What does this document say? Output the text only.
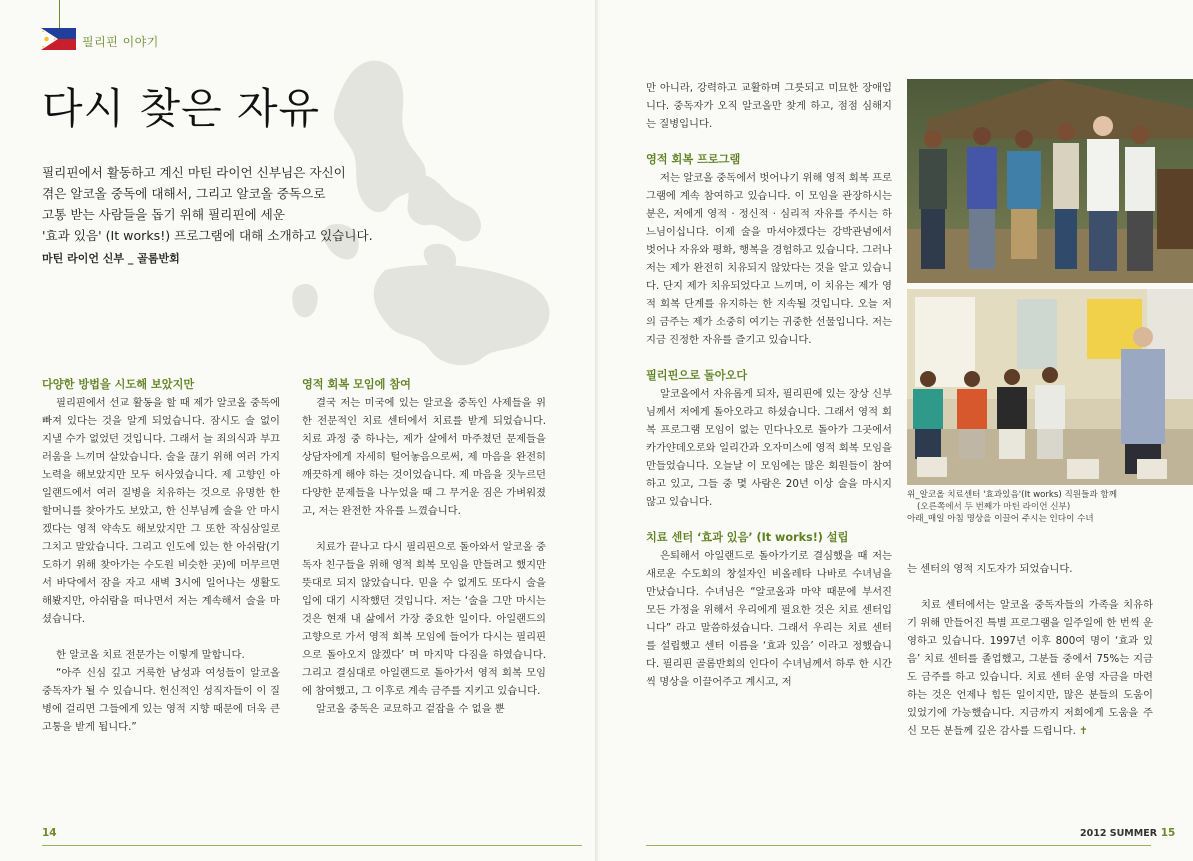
필리핀 이야기
다시 찾은 자유
필리핀에서 활동하고 계신 마틴 라이언 신부님은 자신이
겪은 알코올 중독에 대해서, 그리고 알코올 중독으로
고통 받는 사람들을 돕기 위해 필리핀에 세운
'효과 있음' (It works!) 프로그램에 대해 소개하고 있습니다.
마틴 라이언 신부 _ 골롬반회
다양한 방법을 시도해 보았지만

필리핀에서 선교 활동을 할 때 제가 알코올 중독에 빠져 있다는 것을 알게 되었습니다. 잠시도 술 없이 지낼 수가 없었던 것입니다. 그래서 늘 죄의식과 부끄러움을 느끼며 살았습니다. 술을 끊기 위해 여러 가지 노력을 해보았지만 모두 허사였습니다. 제 고향인 아일랜드에서 여러 질병을 치유하는 것으로 유명한 한 할머니를 찾아가도 보았고, 한 신부님께 술을 안 마시겠다는 영적 약속도 해보았지만 그 또한 작심삼일로 그치고 말았습니다. 그리고 인도에 있는 한 아쉬람(기도하기 위해 찾아가는 수도원 비슷한 곳)에 머무르면서 바닥에서 잠을 자고 새벽 3시에 일어나는 생활도 해봤지만, 아쉬람을 떠나면서 저는 계속해서 술을 마셨습니다.

한 알코올 치료 전문가는 이렇게 말합니다.

“아주 신심 깊고 거룩한 남성과 여성들이 알코올 중독자가 될 수 있습니다. 헌신적인 성직자들이 이 질병에 걸리면 그들에게 있는 영적 지향 때문에 더욱 큰 고통을 받게 됩니다.”

영적 회복 모임에 참여

결국 저는 미국에 있는 알코올 중독인 사제들을 위한 전문적인 치료 센터에서 치료를 받게 되었습니다. 치료 과정 중 하나는, 제가 살에서 마주쳤던 문제들을 상담자에게 자세히 털어놓음으로써, 제 마음을 완전히 깨끗하게 해야 하는 것이었습니다. 제 마음을 짓누르던 다양한 문제들을 나누었을 때 그 무거운 짐은 가벼워졌고, 저는 완전한 자유를 느꼈습니다.

치료가 끝나고 다시 필리핀으로 돌아와서 알코올 중독자 친구들을 위해 영적 회복 모임을 만들려고 했지만 뜻대로 되지 않았습니다. 믿을 수 없게도 또다시 술을 입에 대기 시작했던 것입니다. 저는 ‘술을 그만 마시는 것은 현재 내 삶에서 가장 중요한 일이다. 아일랜드의 고향으로 가서 영적 회복 모임에 들어가 다시는 필리핀으로 돌아오지 않겠다’ 며 마지막 다짐을 하였습니다. 그리고 결심대로 아일랜드로 돌아가서 영적 회복 모임에 참여했고, 그 이후로 계속 금주를 지키고 있습니다.

알코올 중독은 교묘하고 겉잡을 수 없을 뿐

만 아니라, 강력하고 교활하며 그릇되고 미묘한 장애입니다. 중독자가 오직 알코올만 찾게 하고, 점점 심해지는 질병입니다.

영적 회복 프로그램

저는 알코올 중독에서 벗어나기 위해 영적 회복 프로그램에 계속 참여하고 있습니다. 이 모임을 관장하시는 분은, 저에게 영적 · 정신적 · 심리적 자유를 주시는 하느님이십니다. 이제 술을 마셔야겠다는 강박관념에서 벗어나 자유와 평화, 행복을 경험하고 있습니다. 그러나 저는 제가 완전히 치유되지 않았다는 것을 알고 있습니다. 단지 제가 치유되었다고 느끼며, 이 치유는 제가 영적 회복 단계를 유지하는 한 지속될 것입니다. 오늘 저의 금주는 제가 소중히 여기는 귀중한 선물입니다. 저는 지금 진정한 자유를 즐기고 있습니다.

필리핀으로 돌아오다

알코올에서 자유롭게 되자, 필리핀에 있는 장상 신부님께서 저에게 돌아오라고 하셨습니다. 그래서 영적 회복 프로그램 모임이 없는 민다나오로 돌아가 그곳에서 카가얀데오로와 일리간과 오자미스에 영적 회복 모임을 만들었습니다. 오늘날 이 모임에는 많은 회원들이 참여하고 있고, 그들 중 몇 사람은 20년 이상 술을 마시지 않고 있습니다.

치료 센터 ‘효과 있음’ (It works!) 설립

은퇴해서 아일랜드로 돌아가기로 결심했을 때 저는 새로운 수도회의 창설자인 비올레타 나바로 수녀님을 만났습니다. 수녀님은 “알코올과 마약 때문에 부서진 모든 가정을 위해서 우리에게 필요한 것은 치료 센터입니다” 라고 말씀하셨습니다. 그래서 우리는 치료 센터를 설립했고 센터 이름을 ‘효과 있음’ 이라고 정했습니다. 필리핀 골롬반회의 인다이 수녀님께서 하루 한 시간씩 명상을 이끌어주고 계시고, 저

는 센터의 영적 지도자가 되었습니다.

치료 센터에서는 알코올 중독자들의 가족을 치유하기 위해 만들어진 특별 프로그램을 일주일에 한 번씩 운영하고 있습니다. 1997년 이후 800여 명이 ‘효과 있음’ 치료 센터를 졸업했고, 그분들 중에서 75%는 지금도 금주를 하고 있습니다. 치료 센터 운영 자금을 마련하는 것은 언제나 힘든 일이지만, 많은 분들의 도움이 있었기에 가능했습니다. 지금까지 저희에게 도움을 주신 모든 분들께 깊은 감사를 드립니다. ✝

위_알코올 치료센터 '효과있음'(It works) 직원들과 함께
(오른쪽에서 두 번째가 마틴 라이언 신부)
아래_매일 아침 명상을 이끌어 주시는 인다이 수녀
14	2012 SUMMER 15
